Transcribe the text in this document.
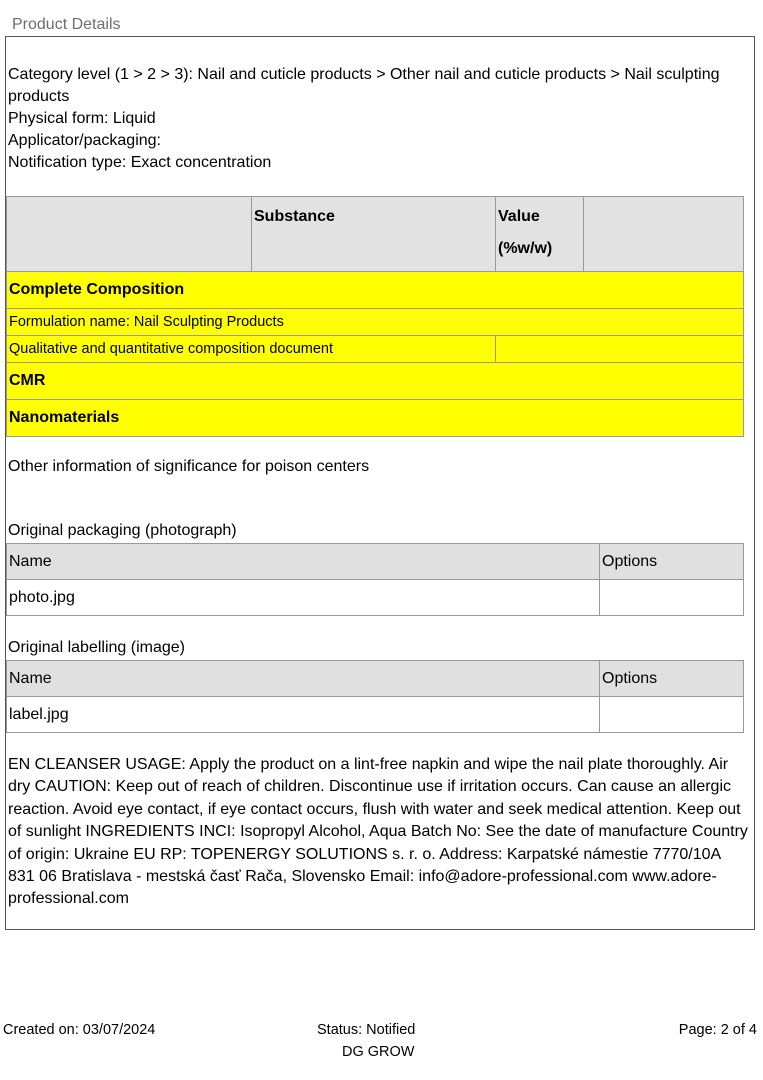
Product Details
Category level (1 > 2 > 3): Nail and cuticle products > Other nail and cuticle products > Nail sculpting products
Physical form: Liquid
Applicator/packaging:
Notification type: Exact concentration
	Substance	Value
(%w/w)	

Complete Composition			
Formulation name: Nail Sculpting Products			
Qualitative and quantitative composition document			
CMR			
Nanomaterials			
Other information of significance for poison centers
Original packaging (photograph)
Name	Options
photo.jpg	
Original labelling (image)
Name	Options
label.jpg	
EN CLEANSER USAGE: Apply the product on a lint-free napkin and wipe the nail plate thoroughly. Air dry CAUTION: Keep out of reach of children. Discontinue use if irritation occurs. Can cause an allergic reaction. Avoid eye contact, if eye contact occurs, flush with water and seek medical attention. Keep out of sunlight INGREDIENTS INCI: Isopropyl Alcohol, Aqua Batch No: See the date of manufacture Country of origin: Ukraine EU RP: TOPENERGY SOLUTIONS s. r. o. Address: Karpatské námestie 7770/10A 831 06 Bratislava - mestská časť Rača, Slovensko Email: info@adore-professional.com www.adore-professional.com
Created on: 03/07/2024	Status: Notified
DG GROW
Page: 2 of 4
